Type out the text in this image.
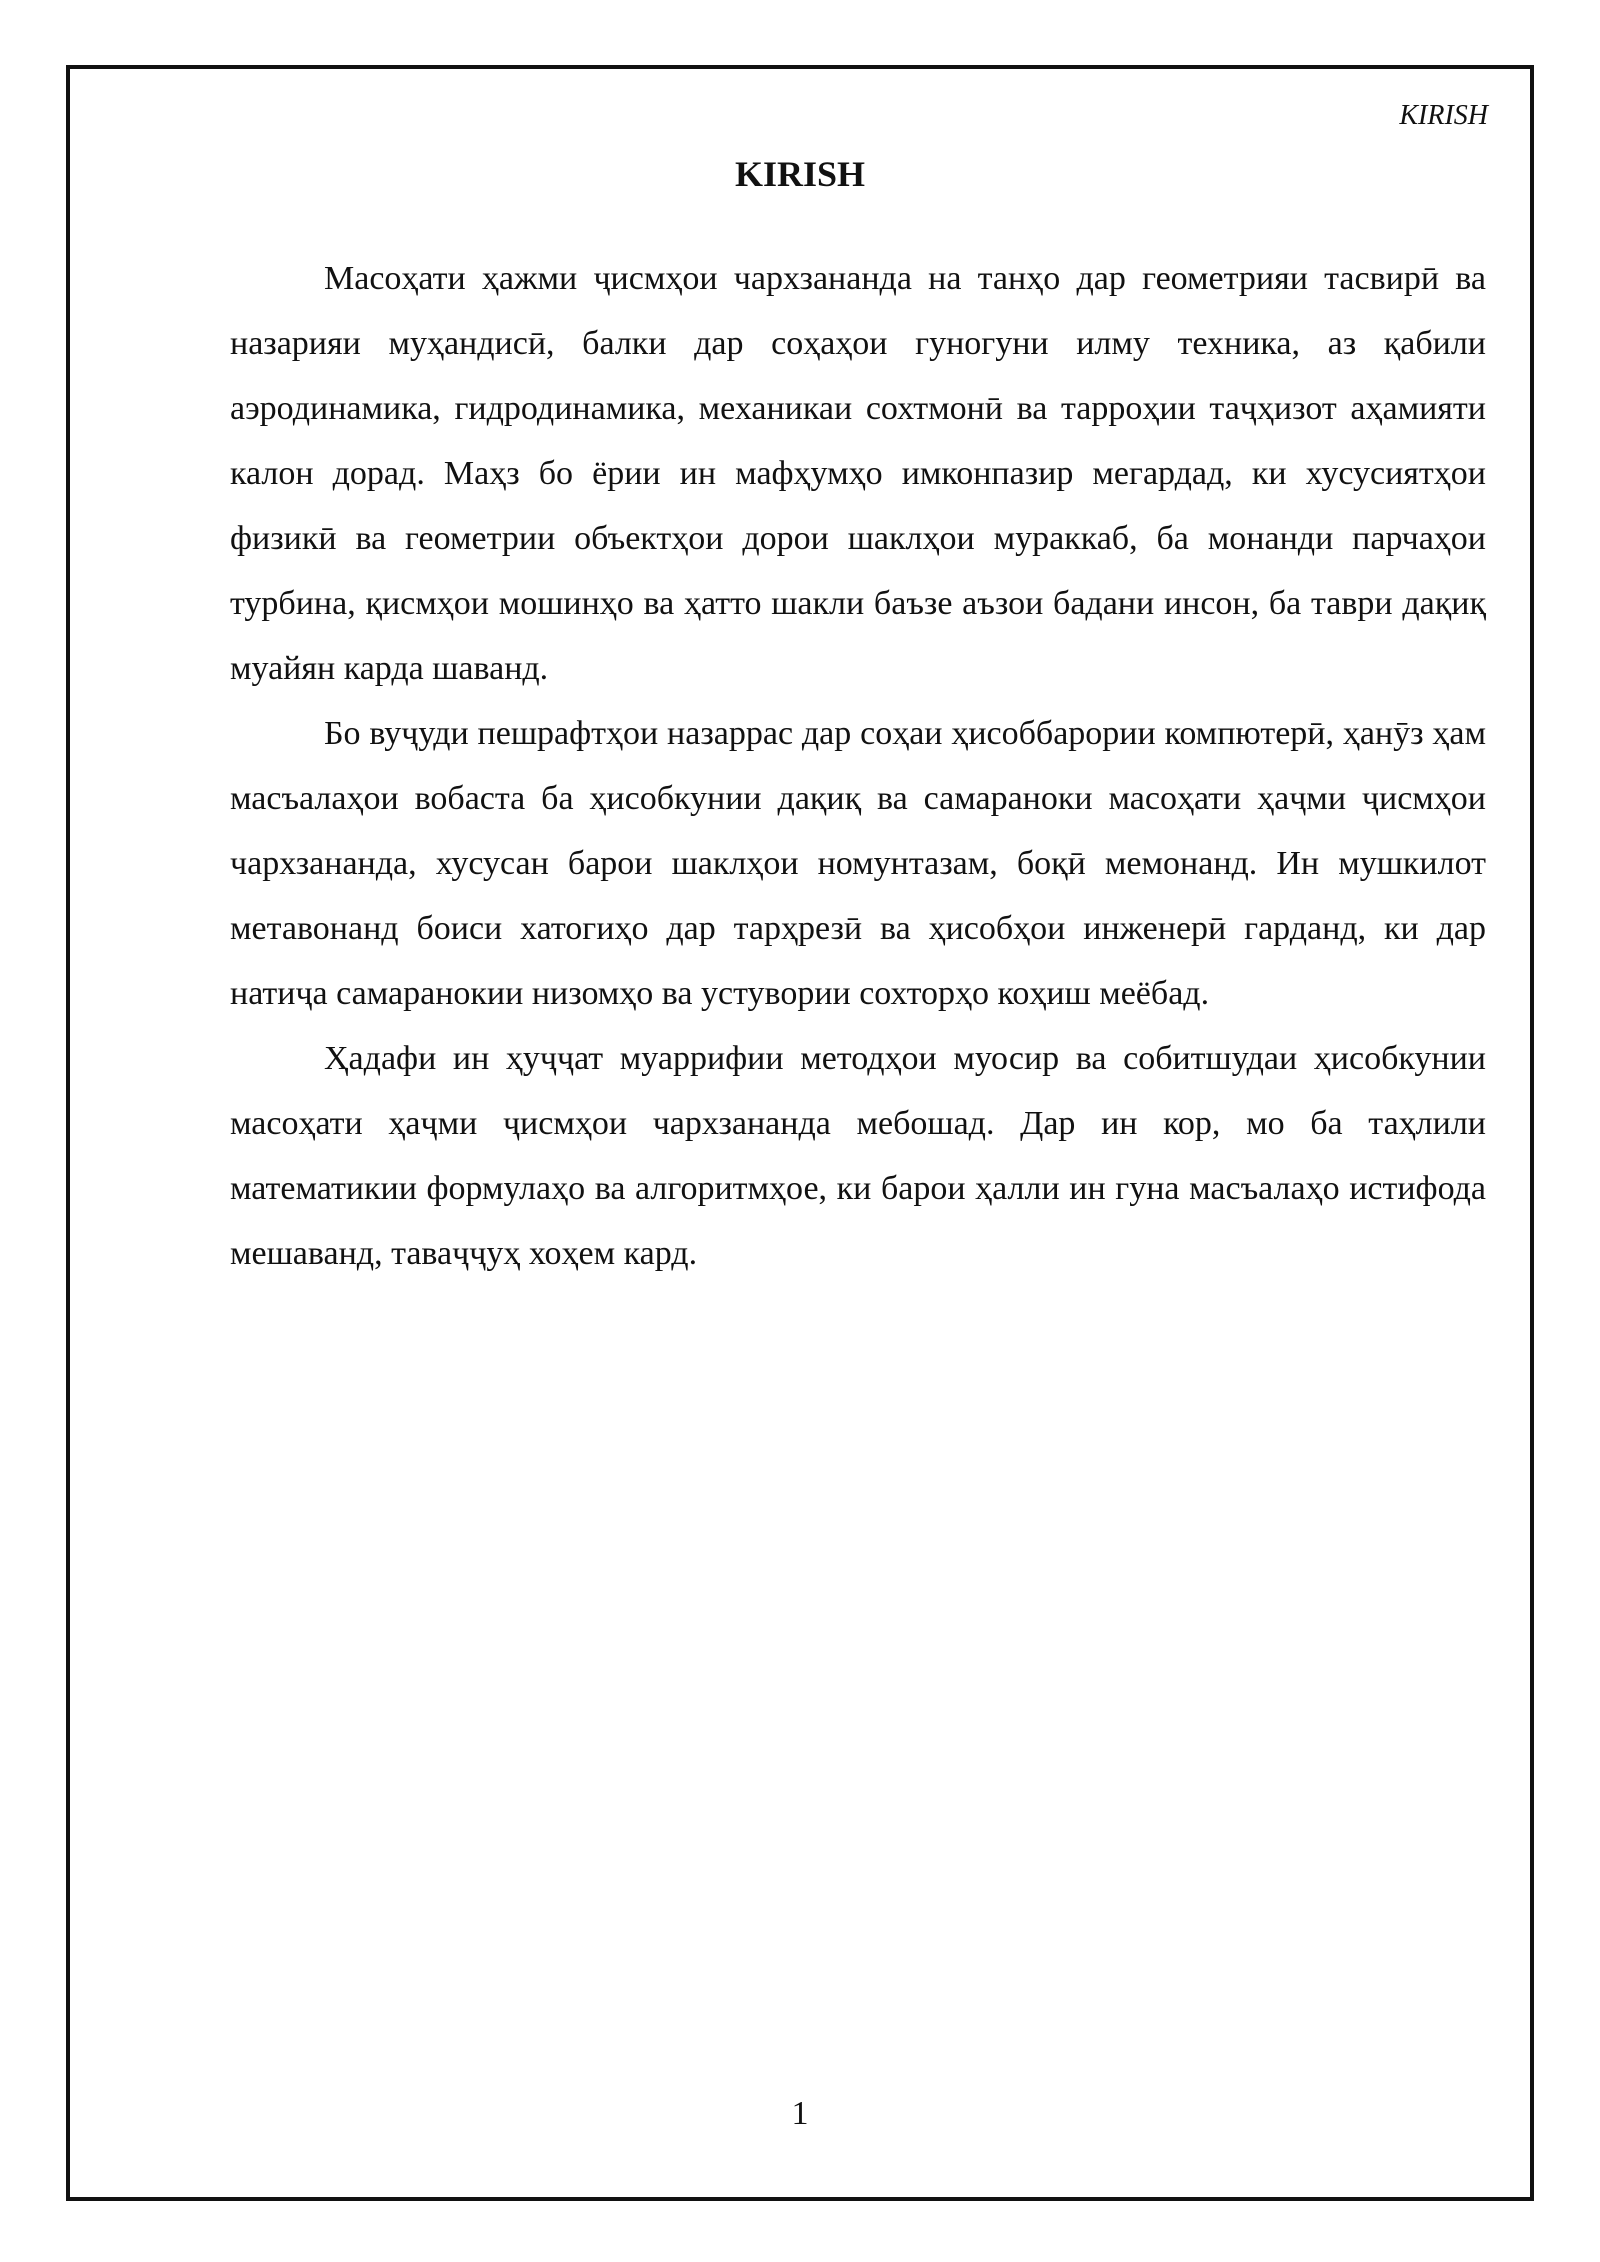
KIRISH
KIRISH

Масоҳати ҳажми ҷисмҳои чархзананда на танҳо дар геометрияи тасвирӣ ва назарияи муҳандисӣ, балки дар соҳаҳои гуногуни илму техника, аз қабили аэродинамика, гидродинамика, механикаи сохтмонӣ ва тарроҳии таҷҳизот аҳамияти калон дорад. Маҳз бо ёрии ин мафҳумҳо имконпазир мегардад, ки хусусиятҳои физикӣ ва геометрии объектҳои дорои шаклҳои мураккаб, ба монанди парчаҳои турбина, қисмҳои мошинҳо ва ҳатто шакли баъзе аъзои бадани инсон, ба таври дақиқ муайян карда шаванд.

Бо вуҷуди пешрафтҳои назаррас дар соҳаи ҳисоббарории компютерӣ, ҳанӯз ҳам масъалаҳои вобаста ба ҳисобкунии дақиқ ва самараноки масоҳати ҳаҷми ҷисмҳои чархзананда, хусусан барои шаклҳои номунтазам, боқӣ мемонанд. Ин мушкилот метавонанд боиси хатогиҳо дар тарҳрезӣ ва ҳисобҳои инженерӣ гарданд, ки дар натиҷа самаранокии низомҳо ва устувории сохторҳо коҳиш меёбад.

Ҳадафи ин ҳуҷҷат муаррифии методҳои муосир ва собитшудаи ҳисобкунии масоҳати ҳаҷми ҷисмҳои чархзананда мебошад. Дар ин кор, мо ба таҳлили математикии формулаҳо ва алгоритмҳое, ки барои ҳалли ин гуна масъалаҳо истифода мешаванд, таваҷҷуҳ хоҳем кард.

1
